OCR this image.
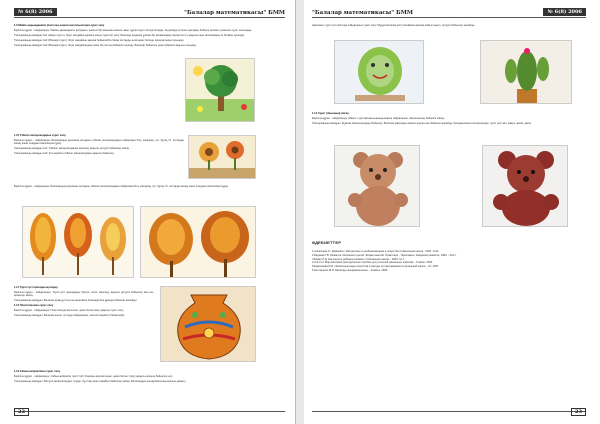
№ 6(8) 2006	"Балалар математикасы" БММ

1.9 Майлы қарындашпен (пастель) немесе мөлтиғыштарға сурет салу

Берілген құрал - пайдалануы: Майлы қарындашты қолданып, жалғыз бір жағынан немесе жеке тұрған сурет салуға болады. Ақ қағазда үстінен сыртқары бейнеге қолмен гуашьпен сурет салынады.

Тапсырманың мазмұны №1 (Нақты сурет): Жүрт жағдайын қағазға нақты суреттеп салу. Балалар өздеріне ұнаған бір қаламшадан саусақ пен су арқылы ғана тапсырманы өз бетімен орындау.

Тапсырманың мазмұны №2 (Әсемдік сурет): Жүрт жағдайын қағазға бейнелейтін басқа заттарды нәзік қағаз бетінде орналастырып орындау.

Тапсырманың мазмұны №3 (Әсемдік сурет): Жүрт жағдайындағы жеке бір заттың бейнесін шығару. Балалар бейнелеу өнері үйірмесі арқылы орындау.

1.10 Тәбиғат материалдарын сурет салу

Берілген құрал - пайдалануы: Балалардың қоршаған ортадағы табиғат материалдарын пайдалана білу, жапырақ, гүл, бұтақ т.б. заттарды жинау және олардан композиция құрау.

Тапсырманың мазмұны №1: Табиғат материалдарын жапсыру арқылы әртүрлі бейнелер жасау.

Тапсырманың мазмұны №2: Күз көрінісін табиғат материалдары арқылы бейнелеу.

Берілген құрал - пайдалануы: Балалардың қоршаған ортадағы табиғат материалдарын пайдалана білу, жапырақ, гүл, бұтақ т.б. заттарды жинау және олардан композиция құрау.

1.11 Түрлі-түсті қағаздан мүсіндеу

Берілген құрал - пайдалануы: Түрлі-түсті қағаздарды бүктеп, кесіп, жапсыру арқылы әртүрлі бейнелер мен ою-өрнектер жасау.

Тапсырманың мазмұны: Балалар қазақ ұлттық ою-өрнегімен безендірілген құмыра бейнесін жасайды.

1.12 Пластилинмен сурет салу

Берілген құрал - пайдалануы: Пластилинді жылытып, қағаз бетіне жағу арқылы сурет салу.

Тапсырманың мазмұны: Балалар жылы түстерді пайдаланып, көктемгі көріністі бейнелейді.

1.13 Сабын көпіршігімен сурет салу

Берілген құрал - пайдалануы: Сабын көпіршігін түрлі түсті бояумен араластырып, қағаз бетіне түсіру арқылы ерекше бейнелер алу.

Тапсырманың мазмұны: Әртүрлі көпіршіктерден гүлдер, бұлттар және ғажайып бейнелер жасау. Балалардың шығармашылық қиялын дамыту.

22
"Балалар математикасы" БММ	№ 6(8) 2006

мақтамен түрлі-түсті жіптерді пайдаланып сурет салу. Мұнда балалар жіпті желіммен қағазға жабыстырып, әртүрлі бейнелер жасайды.

1.14 Сурет (ойыншық) жасау

Берілген құрал - пайдалануы: Мақта, түрлі матаның қиындыларын пайдаланып, ойыншықтың бейнесін жасау.

Тапсырманың мазмұны: Жұмсақ ойыншықтарды бейнелеу. Балалар мақтадан немесе жүннен аю бейнесін жасайды. Қолданылатын материалдар: түрлі түсті жіп, мақта, желім, қағаз.

ӘДЕБИЕТТЕР
1 Алексеева О., Ефимов Н. Интересные и необыкновенные в искусстве // Начальная школа - 2004. №14.
2 Бадяева Г.В. Развитие творческого детей. Форма занятий. Практикум. - Ярославль: Академия развития, 1996. - 224 с.
3 Божко Л.Д. Как научить ребенка рисовать // Начальная школа. - 2003. № 7.
4 Гей С.Н. Мир фантазии (методическое пособие для учителей начальных классов). - Гомель, 2003.
5 Ермолаева М.И. Необычные виды искусства и методы их преподавания в начальной школе. - М.: 2007.
6 Нестеренко М.И. Балалар шығармашылығы. - Алматы, 2004.
23
